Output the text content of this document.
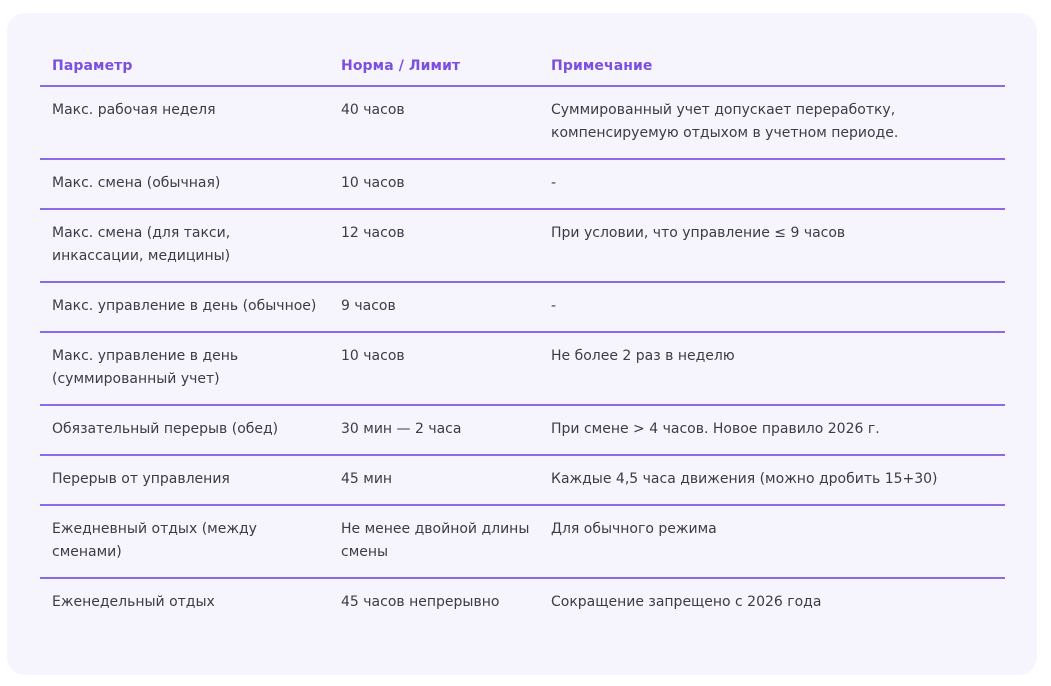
Параметр	Норма / Лимит	Примечание
Макс. рабочая неделя	40 часов	Суммированный учет допускает переработку, компенсируемую отдыхом в учетном периоде.
Макс. смена (обычная)	10 часов	-
Макс. смена (для такси, инкассации, медицины)	12 часов	При условии, что управление ≤ 9 часов
Макс. управление в день (обычное)	9 часов	-
Макс. управление в день (суммированный учет)	10 часов	Не более 2 раз в неделю
Обязательный перерыв (обед)	30 мин — 2 часа	При смене > 4 часов. Новое правило 2026 г.
Перерыв от управления	45 мин	Каждые 4,5 часа движения (можно дробить 15+30)
Ежедневный отдых (между сменами)	Не менее двойной длины смены	Для обычного режима
Еженедельный отдых	45 часов непрерывно	Сокращение запрещено с 2026 года
